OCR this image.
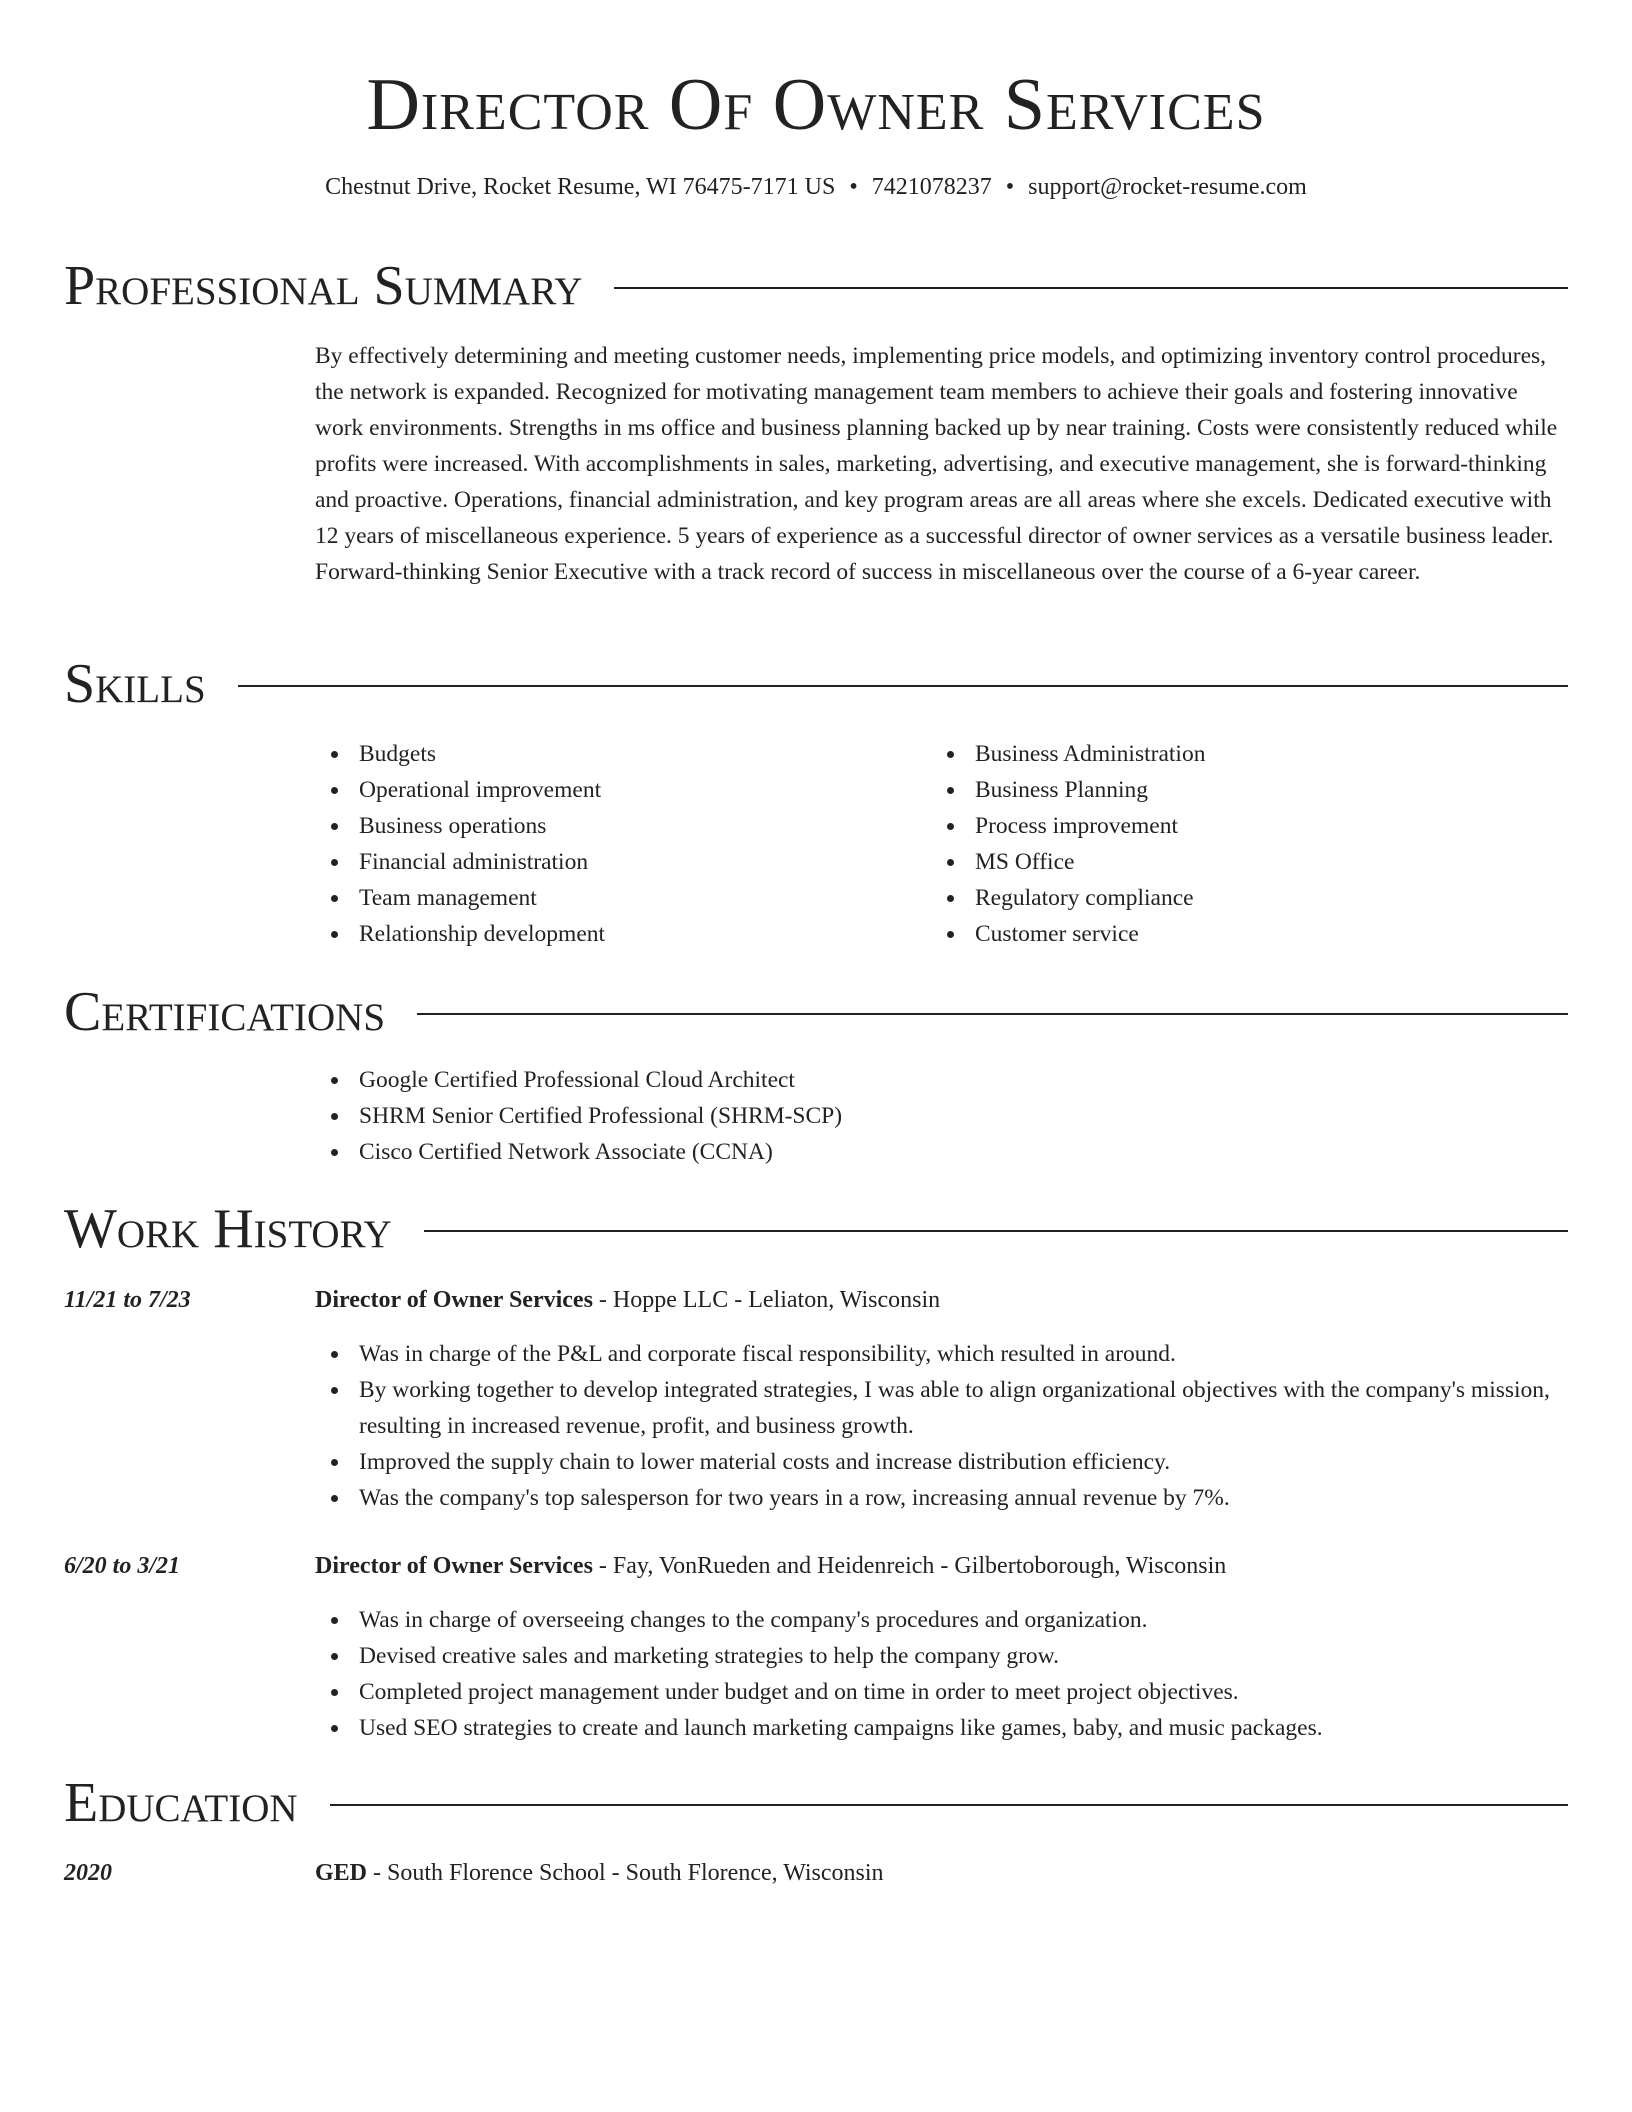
Director Of Owner Services
Chestnut Drive, Rocket Resume, WI 76475-7171 US • 7421078237 • support@rocket-resume.com
Professional Summary
By effectively determining and meeting customer needs, implementing price models, and optimizing inventory control procedures, the network is expanded. Recognized for motivating management team members to achieve their goals and fostering innovative work environments. Strengths in ms office and business planning backed up by near training. Costs were consistently reduced while profits were increased. With accomplishments in sales, marketing, advertising, and executive management, she is forward-thinking and proactive. Operations, financial administration, and key program areas are all areas where she excels. Dedicated executive with 12 years of miscellaneous experience. 5 years of experience as a successful director of owner services as a versatile business leader. Forward-thinking Senior Executive with a track record of success in miscellaneous over the course of a 6-year career.
Skills
Budgets
Operational improvement
Business operations
Financial administration
Team management
Relationship development
Business Administration
Business Planning
Process improvement
MS Office
Regulatory compliance
Customer service
Certifications
Google Certified Professional Cloud Architect
SHRM Senior Certified Professional (SHRM-SCP)
Cisco Certified Network Associate (CCNA)
Work History
11/21 to 7/23	Director of Owner Services - Hoppe LLC - Leliaton, Wisconsin
Was in charge of the P&L and corporate fiscal responsibility, which resulted in around.
By working together to develop integrated strategies, I was able to align organizational objectives with the company's mission, resulting in increased revenue, profit, and business growth.
Improved the supply chain to lower material costs and increase distribution efficiency.
Was the company's top salesperson for two years in a row, increasing annual revenue by 7%.
6/20 to 3/21	Director of Owner Services - Fay, VonRueden and Heidenreich - Gilbertoborough, Wisconsin
Was in charge of overseeing changes to the company's procedures and organization.
Devised creative sales and marketing strategies to help the company grow.
Completed project management under budget and on time in order to meet project objectives.
Used SEO strategies to create and launch marketing campaigns like games, baby, and music packages.
Education
2020	GED - South Florence School - South Florence, Wisconsin
